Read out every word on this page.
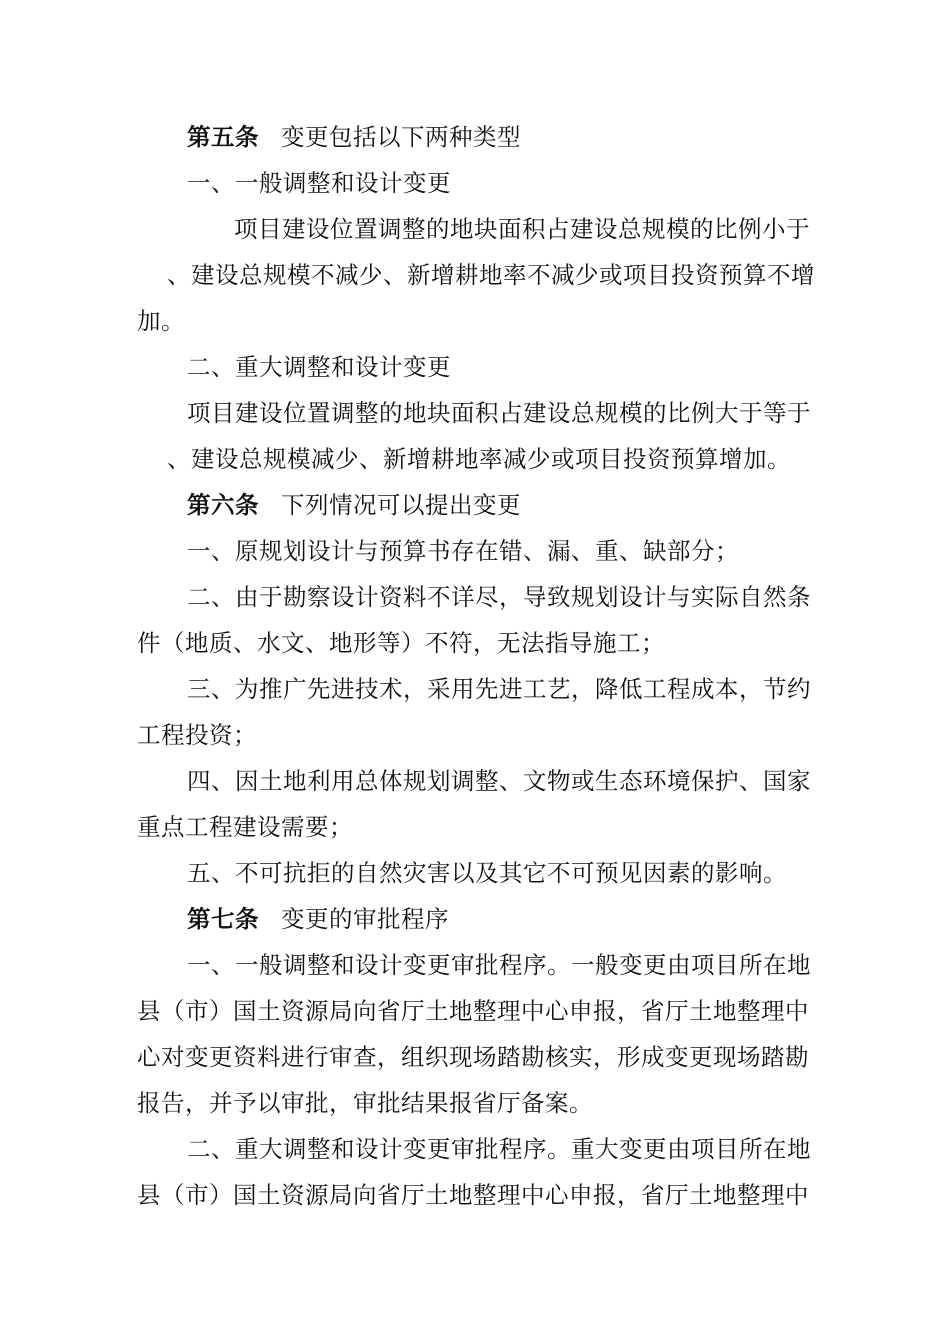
第五条 变更包括以下两种类型
一、一般调整和设计变更
项目建设位置调整的地块面积占建设总规模的比例小于
、建设总规模不减少、新增耕地率不减少或项目投资预算不增
加。
二、重大调整和设计变更
项目建设位置调整的地块面积占建设总规模的比例大于等于
、建设总规模减少、新增耕地率减少或项目投资预算增加。
第六条 下列情况可以提出变更
一、原规划设计与预算书存在错、漏、重、缺部分；
二、由于勘察设计资料不详尽，导致规划设计与实际自然条
件（地质、水文、地形等）不符，无法指导施工；
三、为推广先进技术，采用先进工艺，降低工程成本，节约
工程投资；
四、因土地利用总体规划调整、文物或生态环境保护、国家
重点工程建设需要；
五、不可抗拒的自然灾害以及其它不可预见因素的影响。
第七条 变更的审批程序
一、一般调整和设计变更审批程序。一般变更由项目所在地
县（市）国土资源局向省厅土地整理中心申报，省厅土地整理中
心对变更资料进行审查，组织现场踏勘核实，形成变更现场踏勘
报告，并予以审批，审批结果报省厅备案。
二、重大调整和设计变更审批程序。重大变更由项目所在地
县（市）国土资源局向省厅土地整理中心申报，省厅土地整理中
